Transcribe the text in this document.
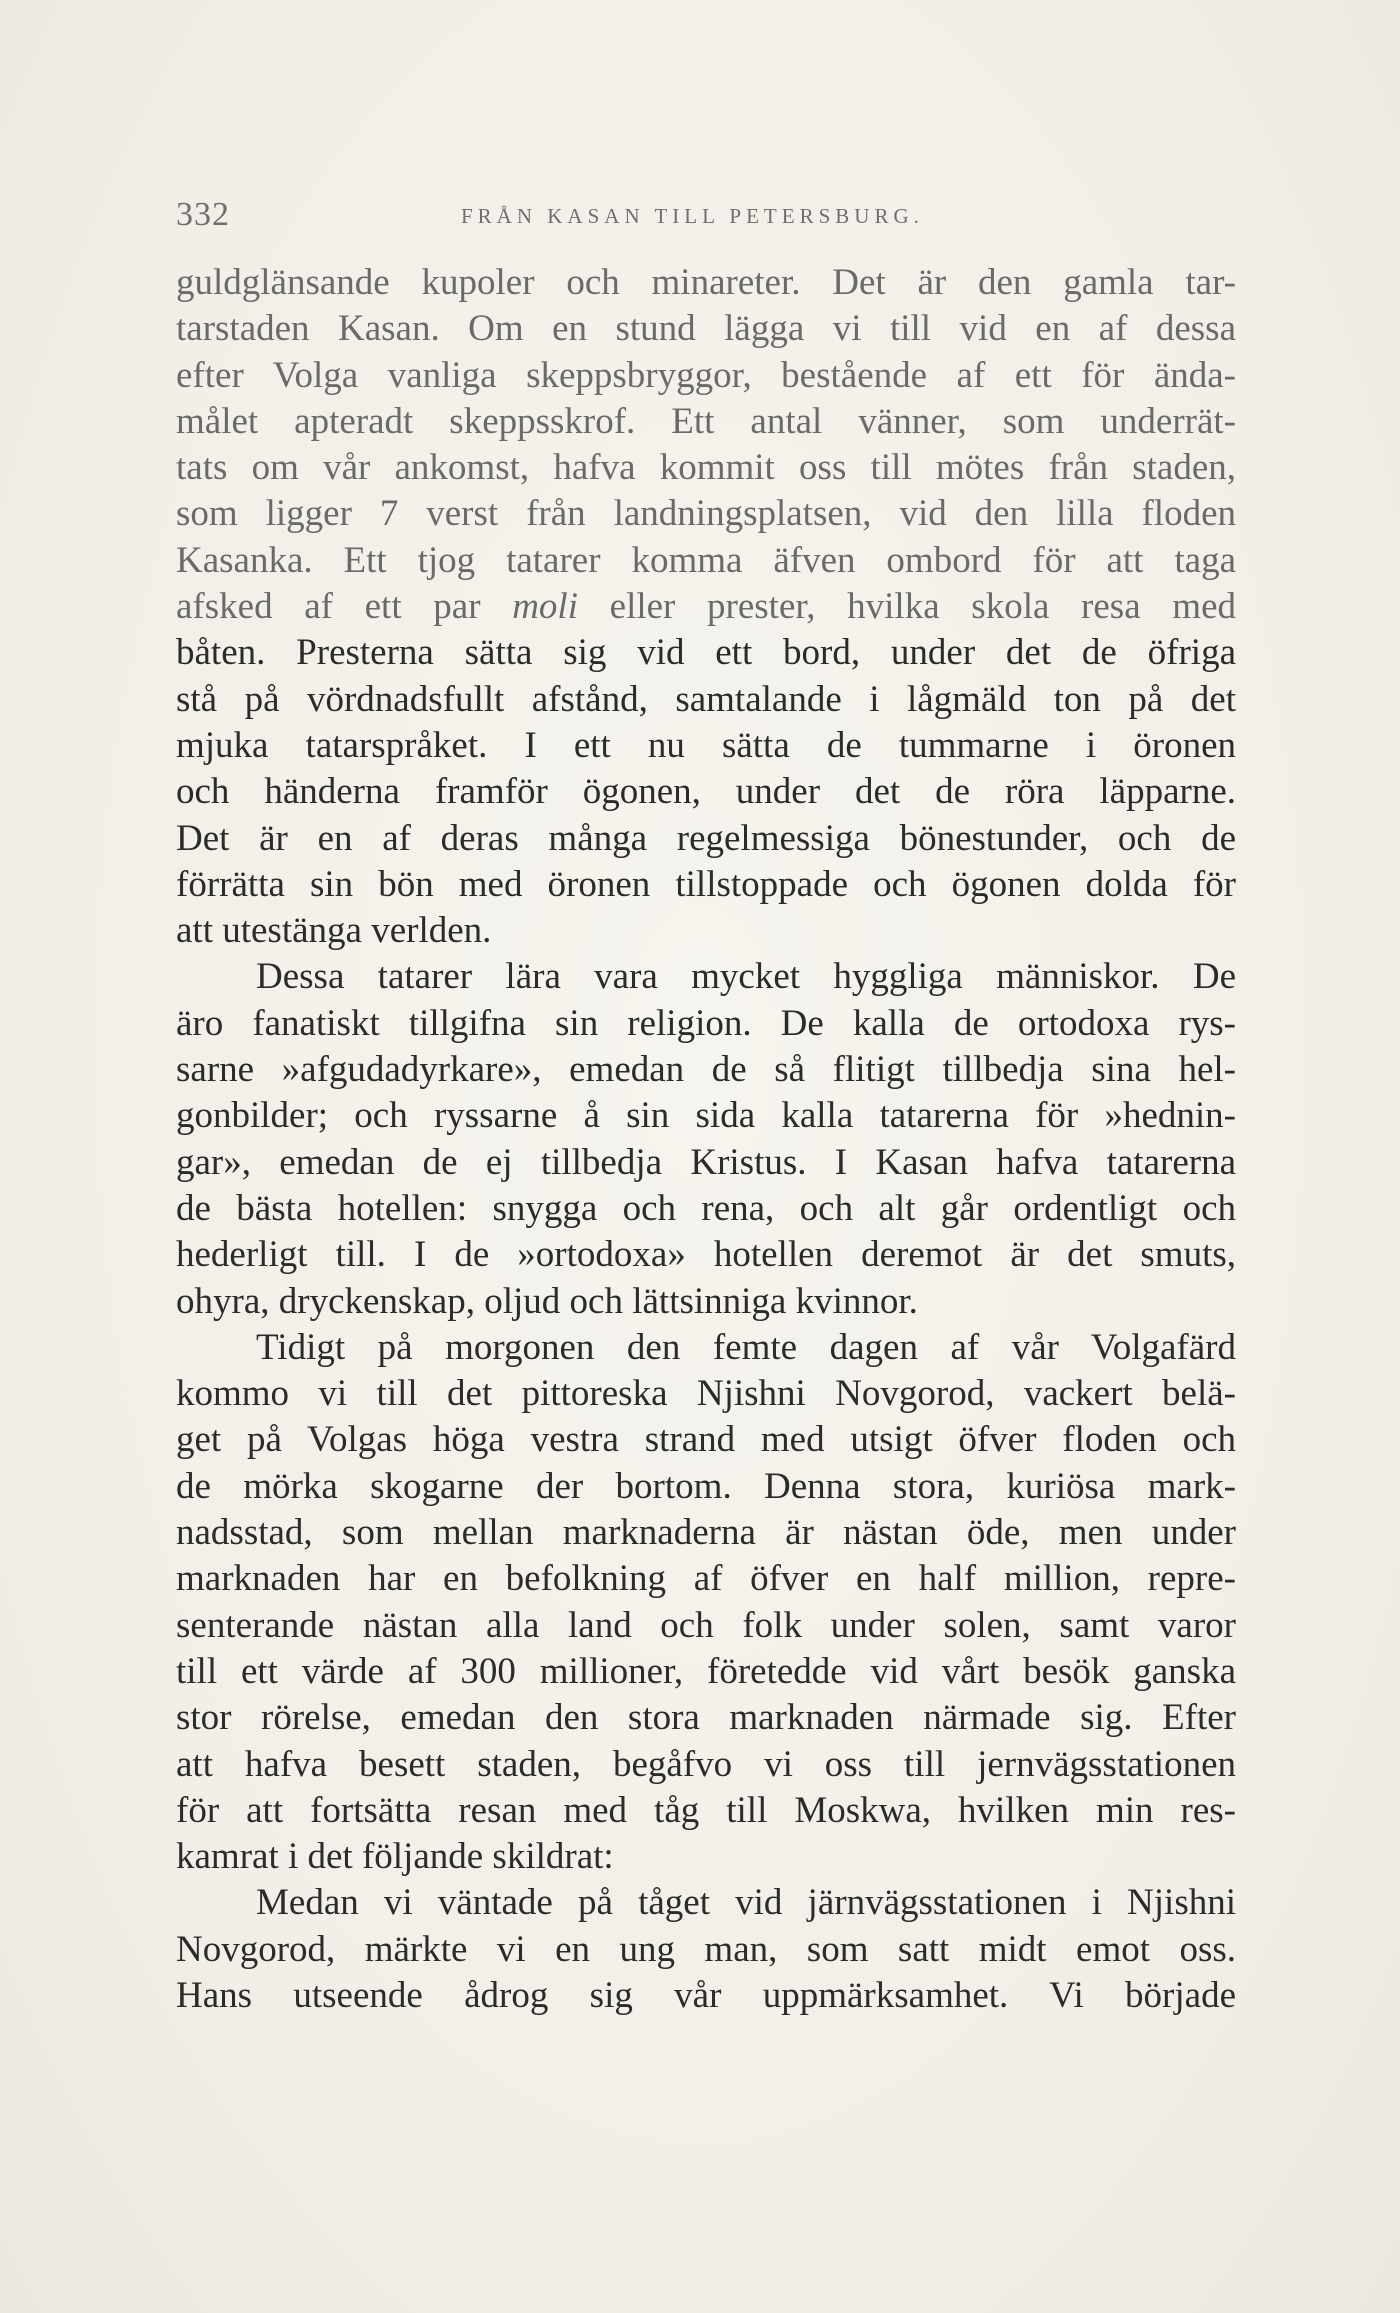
332	FRÅN KASAN TILL PETERSBURG.
guldglänsande kupoler och minareter. Det är den gamla tar-
tarstaden Kasan. Om en stund lägga vi till vid en af dessa
efter Volga vanliga skeppsbryggor, bestående af ett för ända-
målet apteradt skeppsskrof. Ett antal vänner, som underrät-
tats om vår ankomst, hafva kommit oss till mötes från staden,
som ligger 7 verst från landningsplatsen, vid den lilla floden
Kasanka. Ett tjog tatarer komma äfven ombord för att taga
afsked af ett par moli eller prester, hvilka skola resa med
båten. Presterna sätta sig vid ett bord, under det de öfriga
stå på vördnadsfullt afstånd, samtalande i lågmäld ton på det
mjuka tatarspråket. I ett nu sätta de tummarne i öronen
och händerna framför ögonen, under det de röra läpparne.
Det är en af deras många regelmessiga bönestunder, och de
förrätta sin bön med öronen tillstoppade och ögonen dolda för
att utestänga verlden.
Dessa tatarer lära vara mycket hyggliga människor. De
äro fanatiskt tillgifna sin religion. De kalla de ortodoxa rys-
sarne »afgudadyrkare», emedan de så flitigt tillbedja sina hel-
gonbilder; och ryssarne å sin sida kalla tatarerna för »hednin-
gar», emedan de ej tillbedja Kristus. I Kasan hafva tatarerna
de bästa hotellen: snygga och rena, och alt går ordentligt och
hederligt till. I de »ortodoxa» hotellen deremot är det smuts,
ohyra, dryckenskap, oljud och lättsinniga kvinnor.
Tidigt på morgonen den femte dagen af vår Volgafärd
kommo vi till det pittoreska Njishni Novgorod, vackert belä-
get på Volgas höga vestra strand med utsigt öfver floden och
de mörka skogarne der bortom. Denna stora, kuriösa mark-
nadsstad, som mellan marknaderna är nästan öde, men under
marknaden har en befolkning af öfver en half million, repre-
senterande nästan alla land och folk under solen, samt varor
till ett värde af 300 millioner, företedde vid vårt besök ganska
stor rörelse, emedan den stora marknaden närmade sig. Efter
att hafva besett staden, begåfvo vi oss till jernvägsstationen
för att fortsätta resan med tåg till Moskwa, hvilken min res-
kamrat i det följande skildrat:
Medan vi väntade på tåget vid järnvägsstationen i Njishni
Novgorod, märkte vi en ung man, som satt midt emot oss.
Hans utseende ådrog sig vår uppmärksamhet. Vi började
